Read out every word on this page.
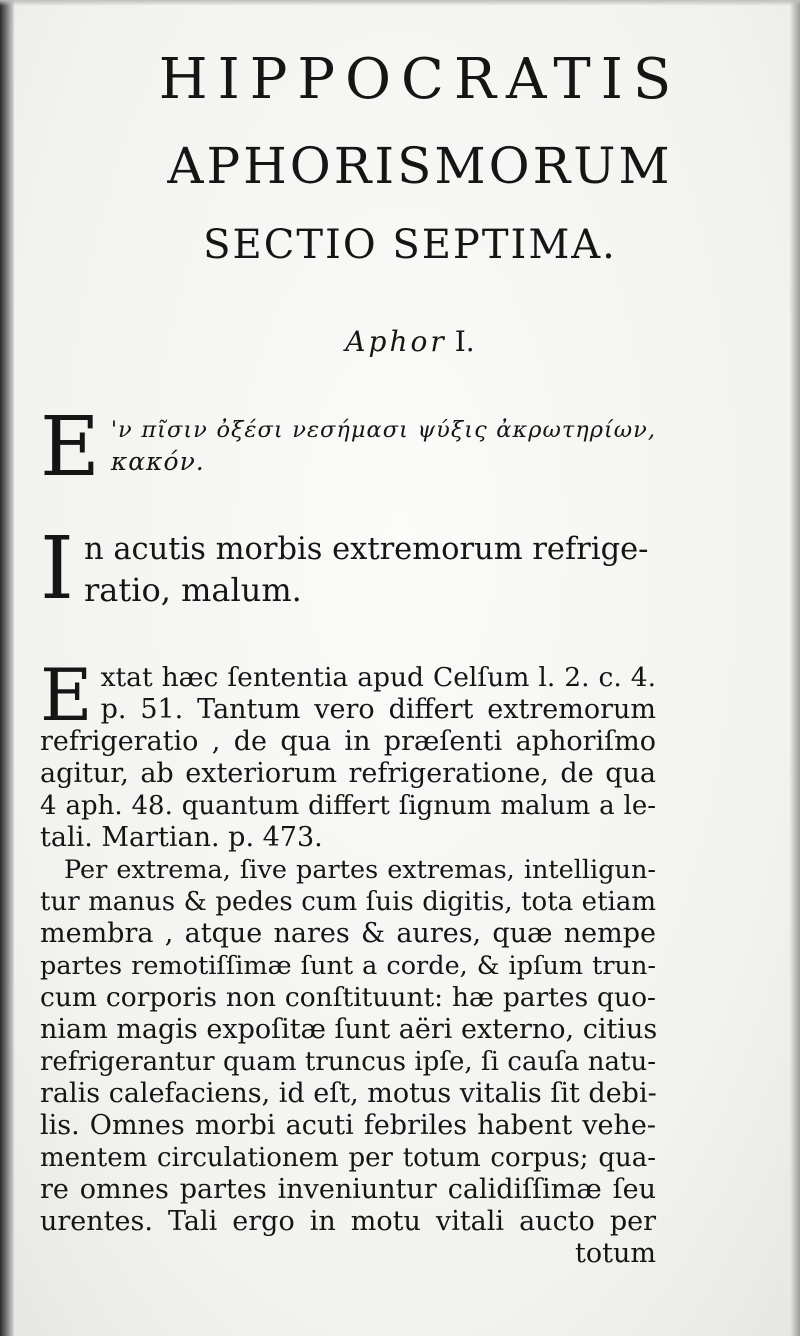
HIPPOCRATIS
APHORISMORUM
SECTIO SEPTIMA.
Aphor I.
E 'ν πῖσιν ὀξέσι νεσήμασι ψύξις ἀκρωτηρίων,
κακόν.
I n acutis morbis extremorum refrige-

ratio, malum.

E xtat hæc ſententia apud Celſum l. 2. c. 4.
p. 51. Tantum vero differt extremorum
refrigeratio , de qua in præſenti aphoriſmo
agitur, ab exteriorum refrigeratione, de qua
4 aph. 48. quantum differt ſignum malum a le-
tali. Martian. p. 473.
Per extrema, ſive partes extremas, intelligun-
tur manus & pedes cum ſuis digitis, tota etiam
membra , atque nares & aures, quæ nempe
partes remotiſſimæ ſunt a corde, & ipſum trun-
cum corporis non conſtituunt: hæ partes quo-
niam magis expoſitæ ſunt aëri externo, citius
refrigerantur quam truncus ipſe, ſi cauſa natu-
ralis calefaciens, id eſt, motus vitalis ſit debi-
lis. Omnes morbi acuti febriles habent vehe-
mentem circulationem per totum corpus; qua-
re omnes partes inveniuntur calidiſſimæ ſeu
urentes. Tali ergo in motu vitali aucto per
totum
